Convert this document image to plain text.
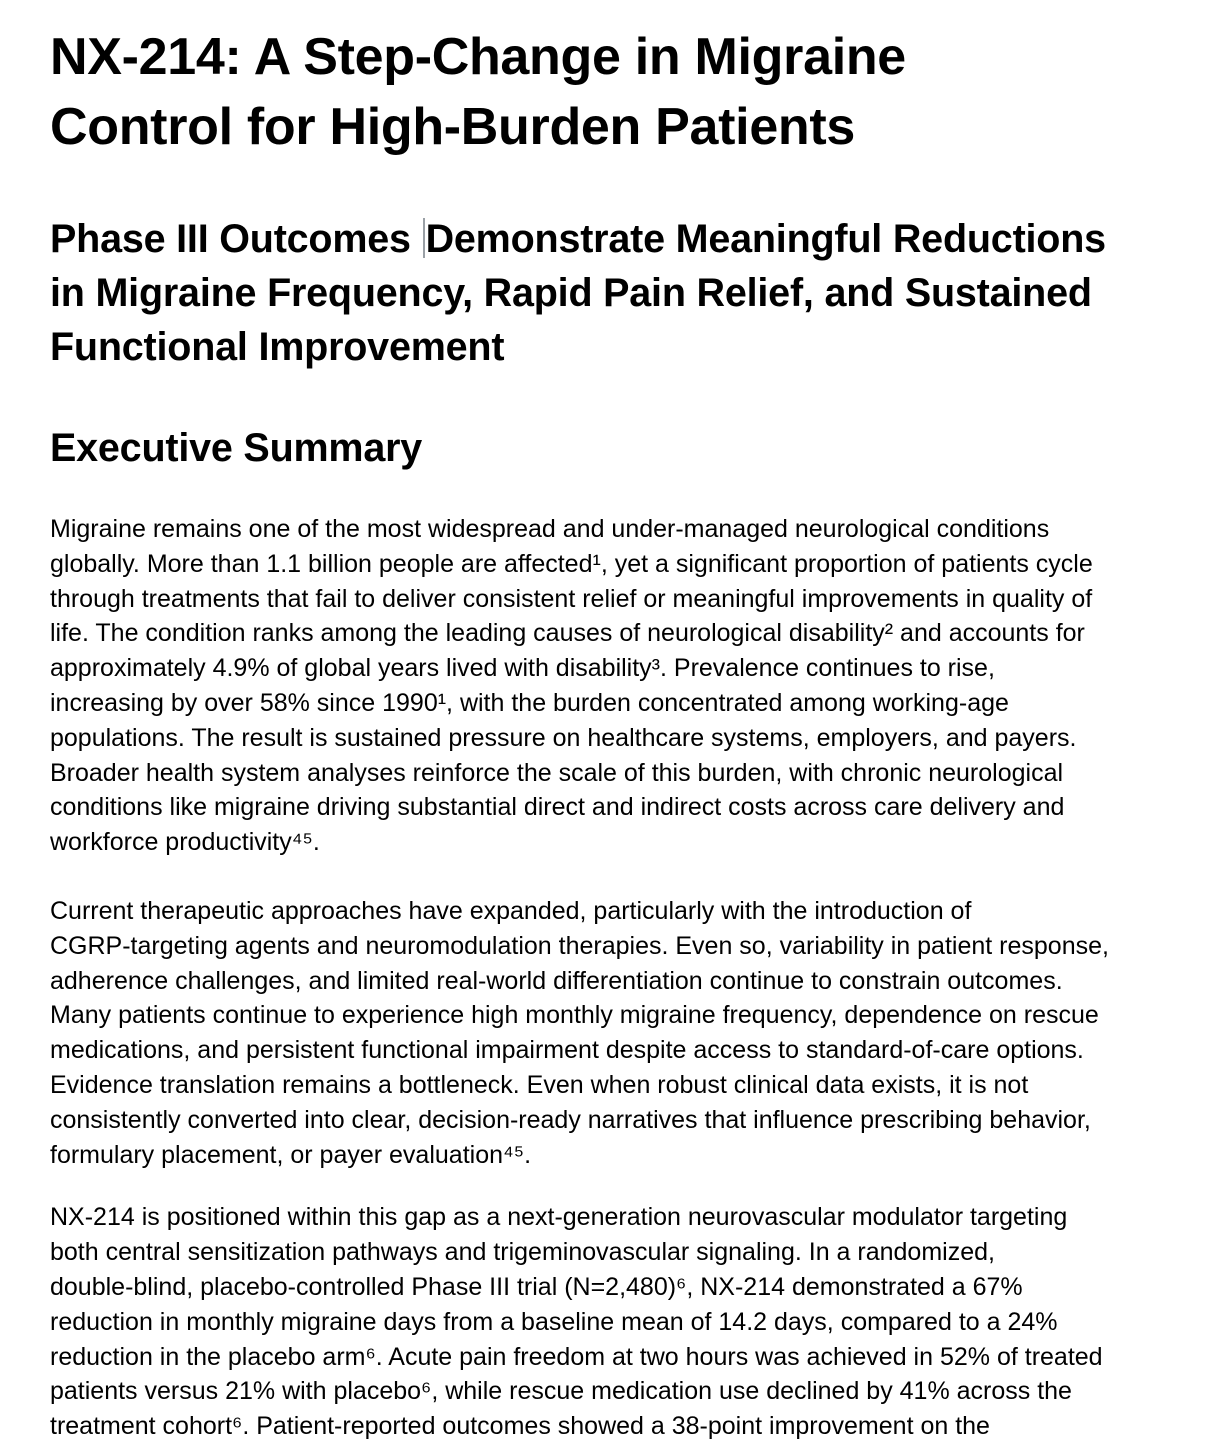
NX-214: A Step-Change in Migraine
Control for High-Burden Patients
Phase III Outcomes Demonstrate Meaningful Reductions
in Migraine Frequency, Rapid Pain Relief, and Sustained
Functional Improvement
Executive Summary

Migraine remains one of the most widespread and under-managed neurological conditions
globally. More than 1.1 billion people are affected¹, yet a significant proportion of patients cycle
through treatments that fail to deliver consistent relief or meaningful improvements in quality of
life. The condition ranks among the leading causes of neurological disability² and accounts for
approximately 4.9% of global years lived with disability³. Prevalence continues to rise,
increasing by over 58% since 1990¹, with the burden concentrated among working-age
populations. The result is sustained pressure on healthcare systems, employers, and payers.
Broader health system analyses reinforce the scale of this burden, with chronic neurological
conditions like migraine driving substantial direct and indirect costs across care delivery and
workforce productivity⁴⁵.

Current therapeutic approaches have expanded, particularly with the introduction of
CGRP-targeting agents and neuromodulation therapies. Even so, variability in patient response,
adherence challenges, and limited real-world differentiation continue to constrain outcomes.
Many patients continue to experience high monthly migraine frequency, dependence on rescue
medications, and persistent functional impairment despite access to standard-of-care options.
Evidence translation remains a bottleneck. Even when robust clinical data exists, it is not
consistently converted into clear, decision-ready narratives that influence prescribing behavior,
formulary placement, or payer evaluation⁴⁵.

NX-214 is positioned within this gap as a next-generation neurovascular modulator targeting
both central sensitization pathways and trigeminovascular signaling. In a randomized,
double-blind, placebo-controlled Phase III trial (N=2,480)⁶, NX-214 demonstrated a 67%
reduction in monthly migraine days from a baseline mean of 14.2 days, compared to a 24%
reduction in the placebo arm⁶. Acute pain freedom at two hours was achieved in 52% of treated
patients versus 21% with placebo⁶, while rescue medication use declined by 41% across the
treatment cohort⁶. Patient-reported outcomes showed a 38-point improvement on the
